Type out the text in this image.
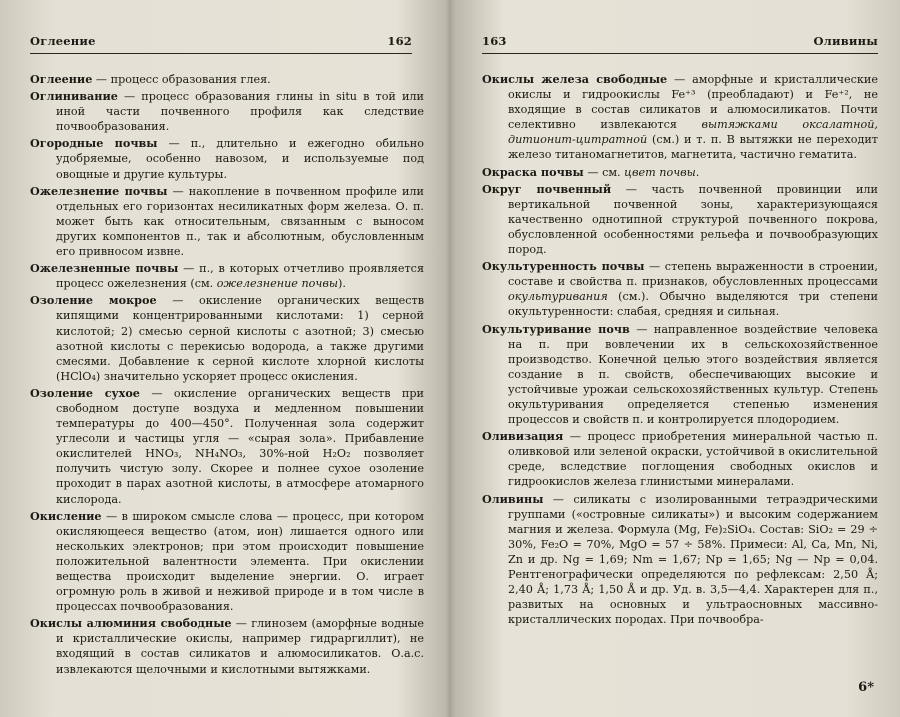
Оглеение	162

Оглеение — процесс образования глея.

Оглинивание — процесс образования глины in situ в той или иной части почвенного профиля как следствие почвообразования.

Огородные почвы — п., длительно и ежегодно обильно удобряемые, особенно навозом, и используемые под овощные и другие культуры.

Ожелезнение почвы — накопление в почвенном профиле или отдельных его горизонтах несиликатных форм железа. О. п. может быть как относительным, связанным с выносом других компонентов п., так и абсолютным, обусловленным его привносом извне.

Ожелезненные почвы — п., в которых отчетливо проявляется процесс ожелезнения (см. ожелезнение почвы).

Озоление мокрое — окисление органических веществ кипящими концентрированными кислотами: 1) серной кислотой; 2) смесью серной кислоты с азотной; 3) смесью азотной кислоты с перекисью водорода, а также другими смесями. Добавление к серной кислоте хлорной кислоты (HClO₄) значительно ускоряет процесс окисления.

Озоление сухое — окисление органических веществ при свободном доступе воздуха и медленном повышении температуры до 400—450°. Полученная зола содержит углесоли и частицы угля — «сырая зола». Прибавление окислителей HNO₃, NH₄NO₃, 30%-ной H₂O₂ позволяет получить чистую золу. Скорее и полнее сухое озоление проходит в парах азотной кислоты, в атмосфере атомарного кислорода.

Окисление — в широком смысле слова — процесс, при котором окисляющееся вещество (атом, ион) лишается одного или нескольких электронов; при этом происходит повышение положительной валентности элемента. При окислении вещества происходит выделение энергии. О. играет огромную роль в живой и неживой природе и в том числе в процессах почвообразования.

Окислы алюминия свободные — глинозем (аморфные водные и кристаллические окислы, например гидраргиллит), не входящий в состав силикатов и алюмосиликатов. О.а.с. извлекаются щелочными и кислотными вытяжками.

163	Оливины

Окислы железа свободные — аморфные и кристаллические окислы и гидроокислы Fe⁺³ (преобладают) и Fe⁺², не входящие в состав силикатов и алюмосиликатов. Почти селективно извлекаются вытяжками оксалатной, дитионит-цитратной (см.) и т. п. В вытяжки не переходит железо титаномагнетитов, магнетита, частично гематита.

Окраска почвы — см. цвет почвы.

Округ почвенный — часть почвенной провинции или вертикальной почвенной зоны, характеризующаяся качественно однотипной структурой почвенного покрова, обусловленной особенностями рельефа и почвообразующих пород.

Окультуренность почвы — степень выраженности в строении, составе и свойства п. признаков, обусловленных процессами окультуривания (см.). Обычно выделяются три степени окультуренности: слабая, средняя и сильная.

Окультуривание почв — направленное воздействие человека на п. при вовлечении их в сельскохозяйственное производство. Конечной целью этого воздействия является создание в п. свойств, обеспечивающих высокие и устойчивые урожаи сельскохозяйственных культур. Степень окультуривания определяется степенью изменения процессов и свойств п. и контролируется плодородием.

Оливизация — процесс приобретения минеральной частью п. оливковой или зеленой окраски, устойчивой в окислительной среде, вследствие поглощения свободных окислов и гидроокислов железа глинистыми минералами.

Оливины — силикаты с изолированными тетраэдрическими группами («островные силикаты») и высоким содержанием магния и железа. Формула (Mg, Fe)₂SiO₄. Состав: SiO₂ = 29 ÷ 30%, Fe₂O = 70%, MgO = 57 ÷ 58%. Примеси: Al, Ca, Mn, Ni, Zn и др. Ng = 1,69; Nm = 1,67; Np = 1,65; Ng — Np = 0,04. Рентгенографически определяются по рефлексам: 2,50 Å; 2,40 Å; 1,73 Å; 1,50 Å и др. Уд. в. 3,5—4,4. Характерен для п., развитых на основных и ультраосновных массивно-кристаллических породах. При почвообра-

6*
